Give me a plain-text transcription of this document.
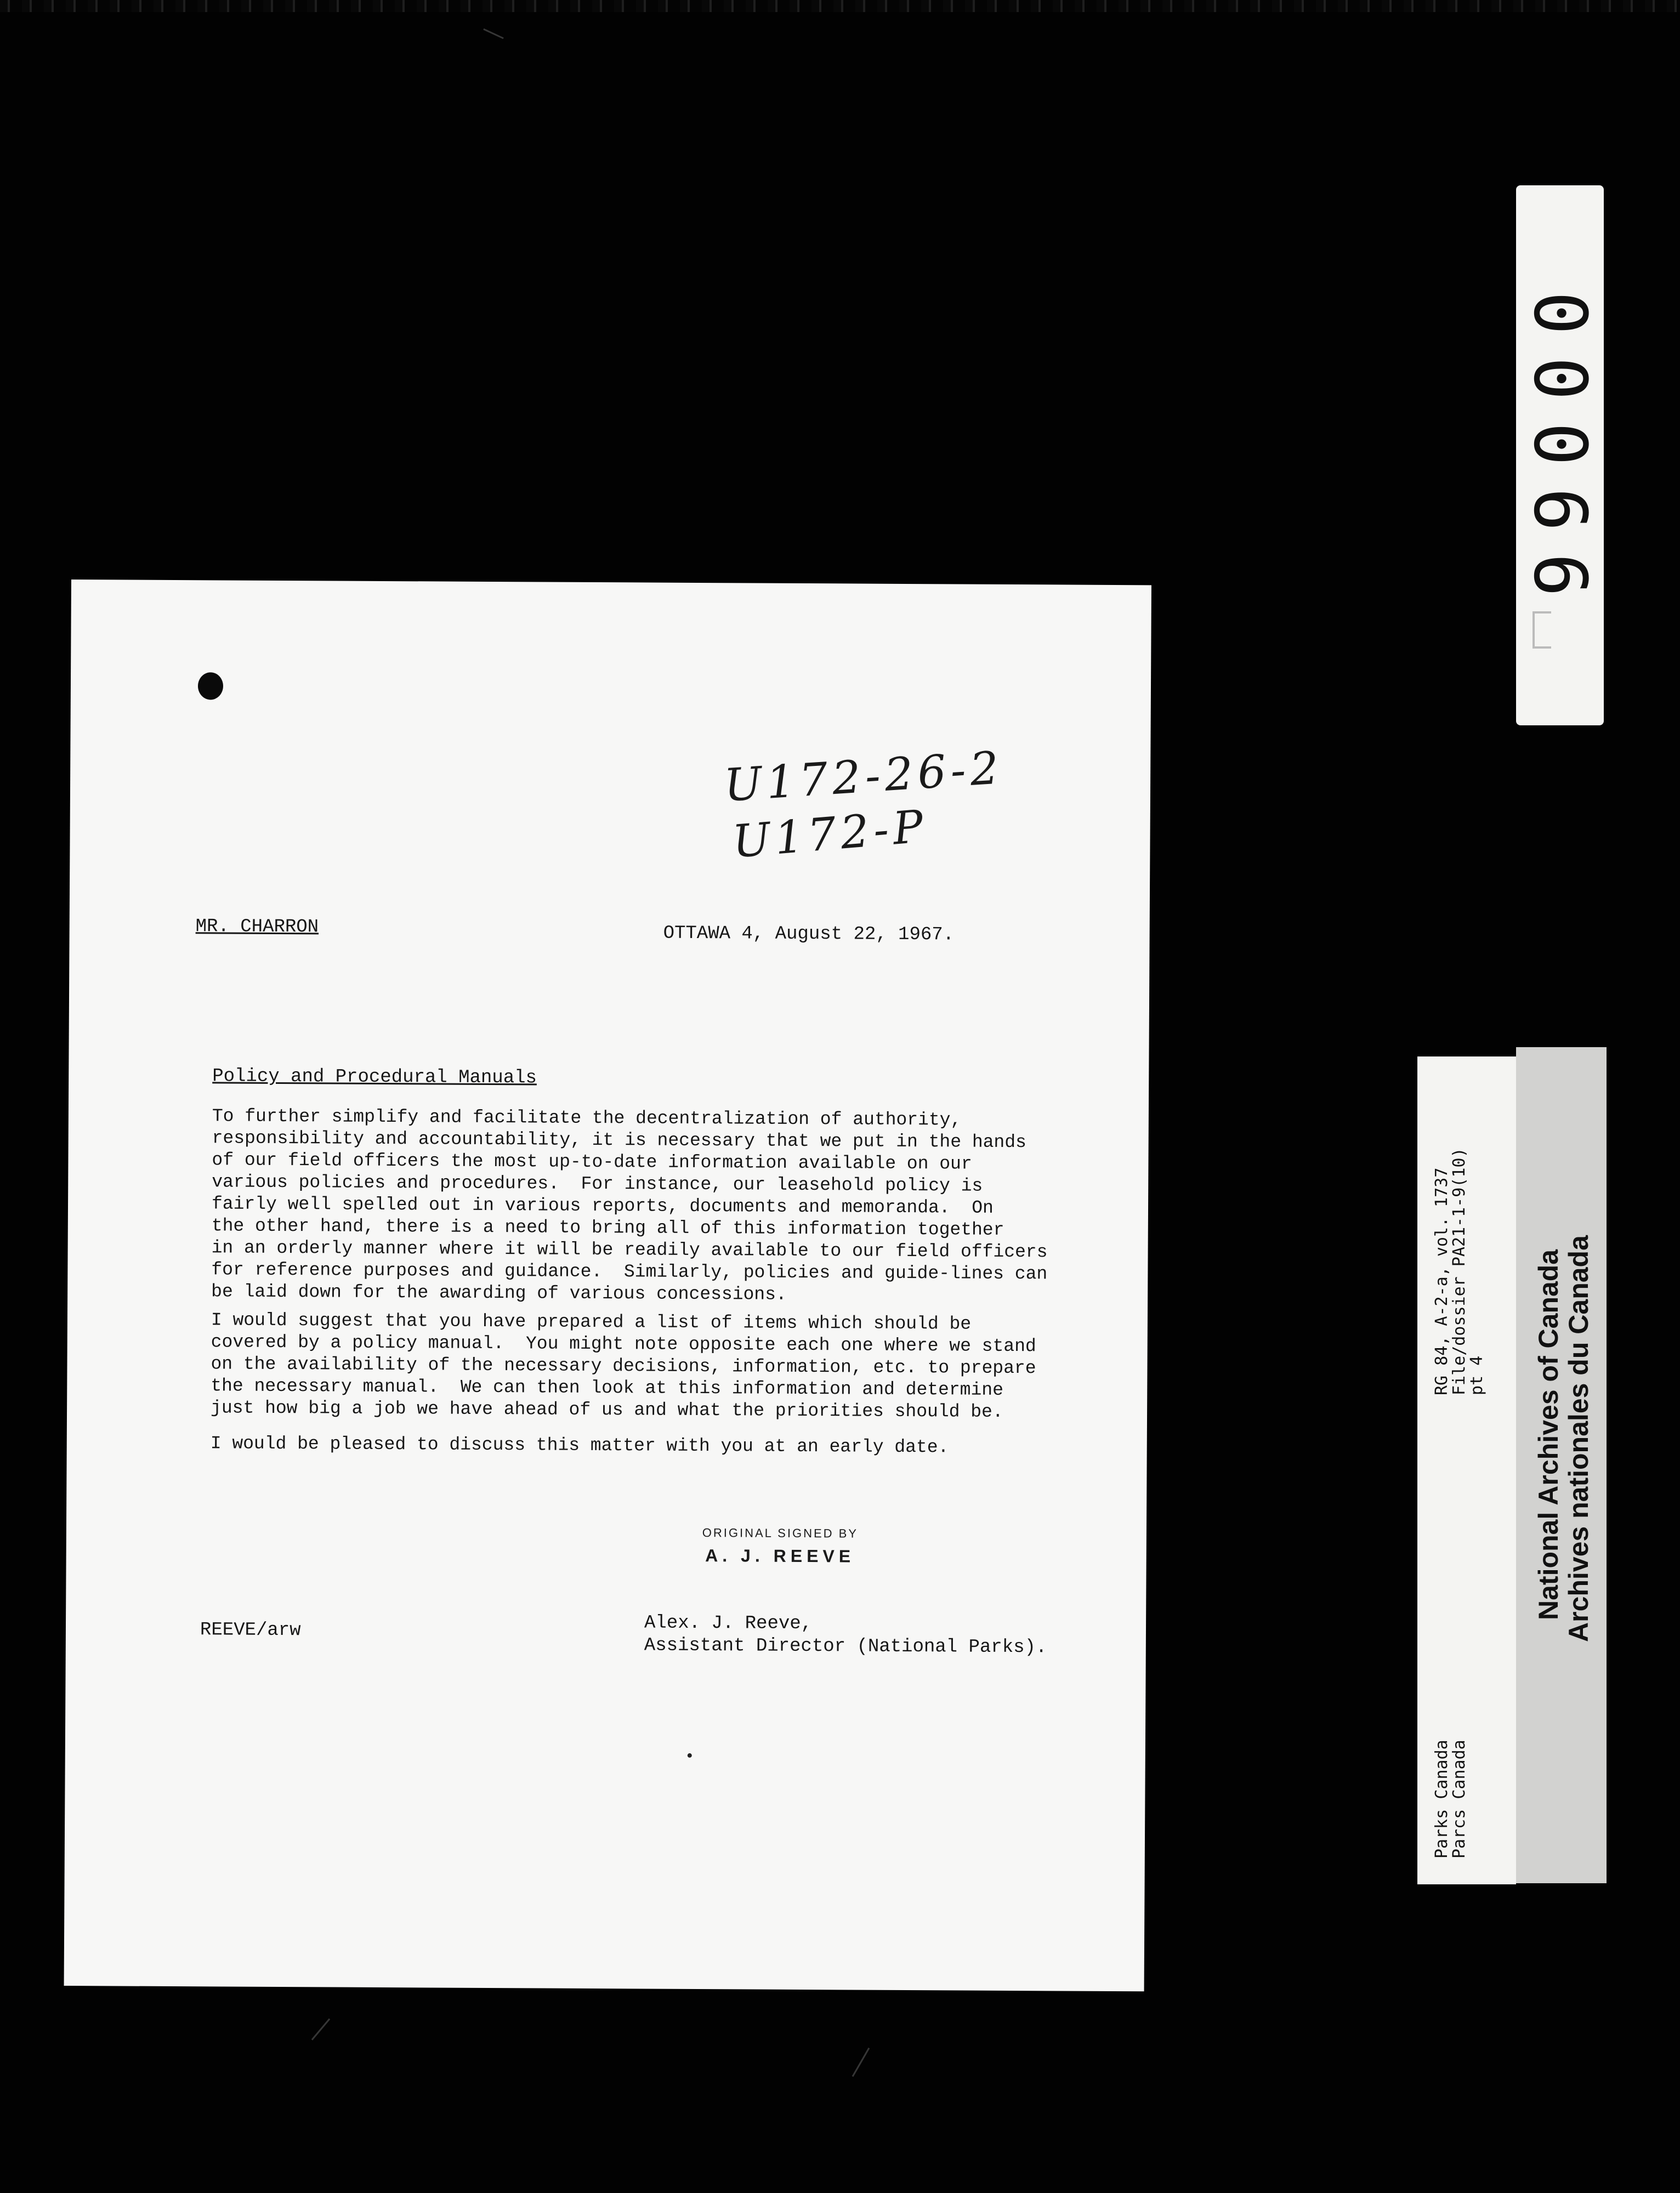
00066
U172-26-2
U172-P
MR. CHARRON	OTTAWA 4, August 22, 1967.
Policy and Procedural Manuals
To further simplify and facilitate the decentralization of authority,
responsibility and accountability, it is necessary that we put in the hands
of our field officers the most up-to-date information available on our
various policies and procedures.  For instance, our leasehold policy is
fairly well spelled out in various reports, documents and memoranda.  On
the other hand, there is a need to bring all of this information together
in an orderly manner where it will be readily available to our field officers
for reference purposes and guidance.  Similarly, policies and guide-lines can
be laid down for the awarding of various concessions.
I would suggest that you have prepared a list of items which should be
covered by a policy manual.  You might note opposite each one where we stand
on the availability of the necessary decisions, information, etc. to prepare
the necessary manual.  We can then look at this information and determine
just how big a job we have ahead of us and what the priorities should be.
I would be pleased to discuss this matter with you at an early date.
ORIGINAL SIGNED BY
A. J. REEVE
REEVE/arw	Alex. J. Reeve,
Assistant Director (National Parks).
RG 84, A-2-a, vol. 1737
File/dossier PA21-1-9(10)
pt 4
Parks Canada
Parcs Canada
National Archives of Canada Archives nationales du Canada
